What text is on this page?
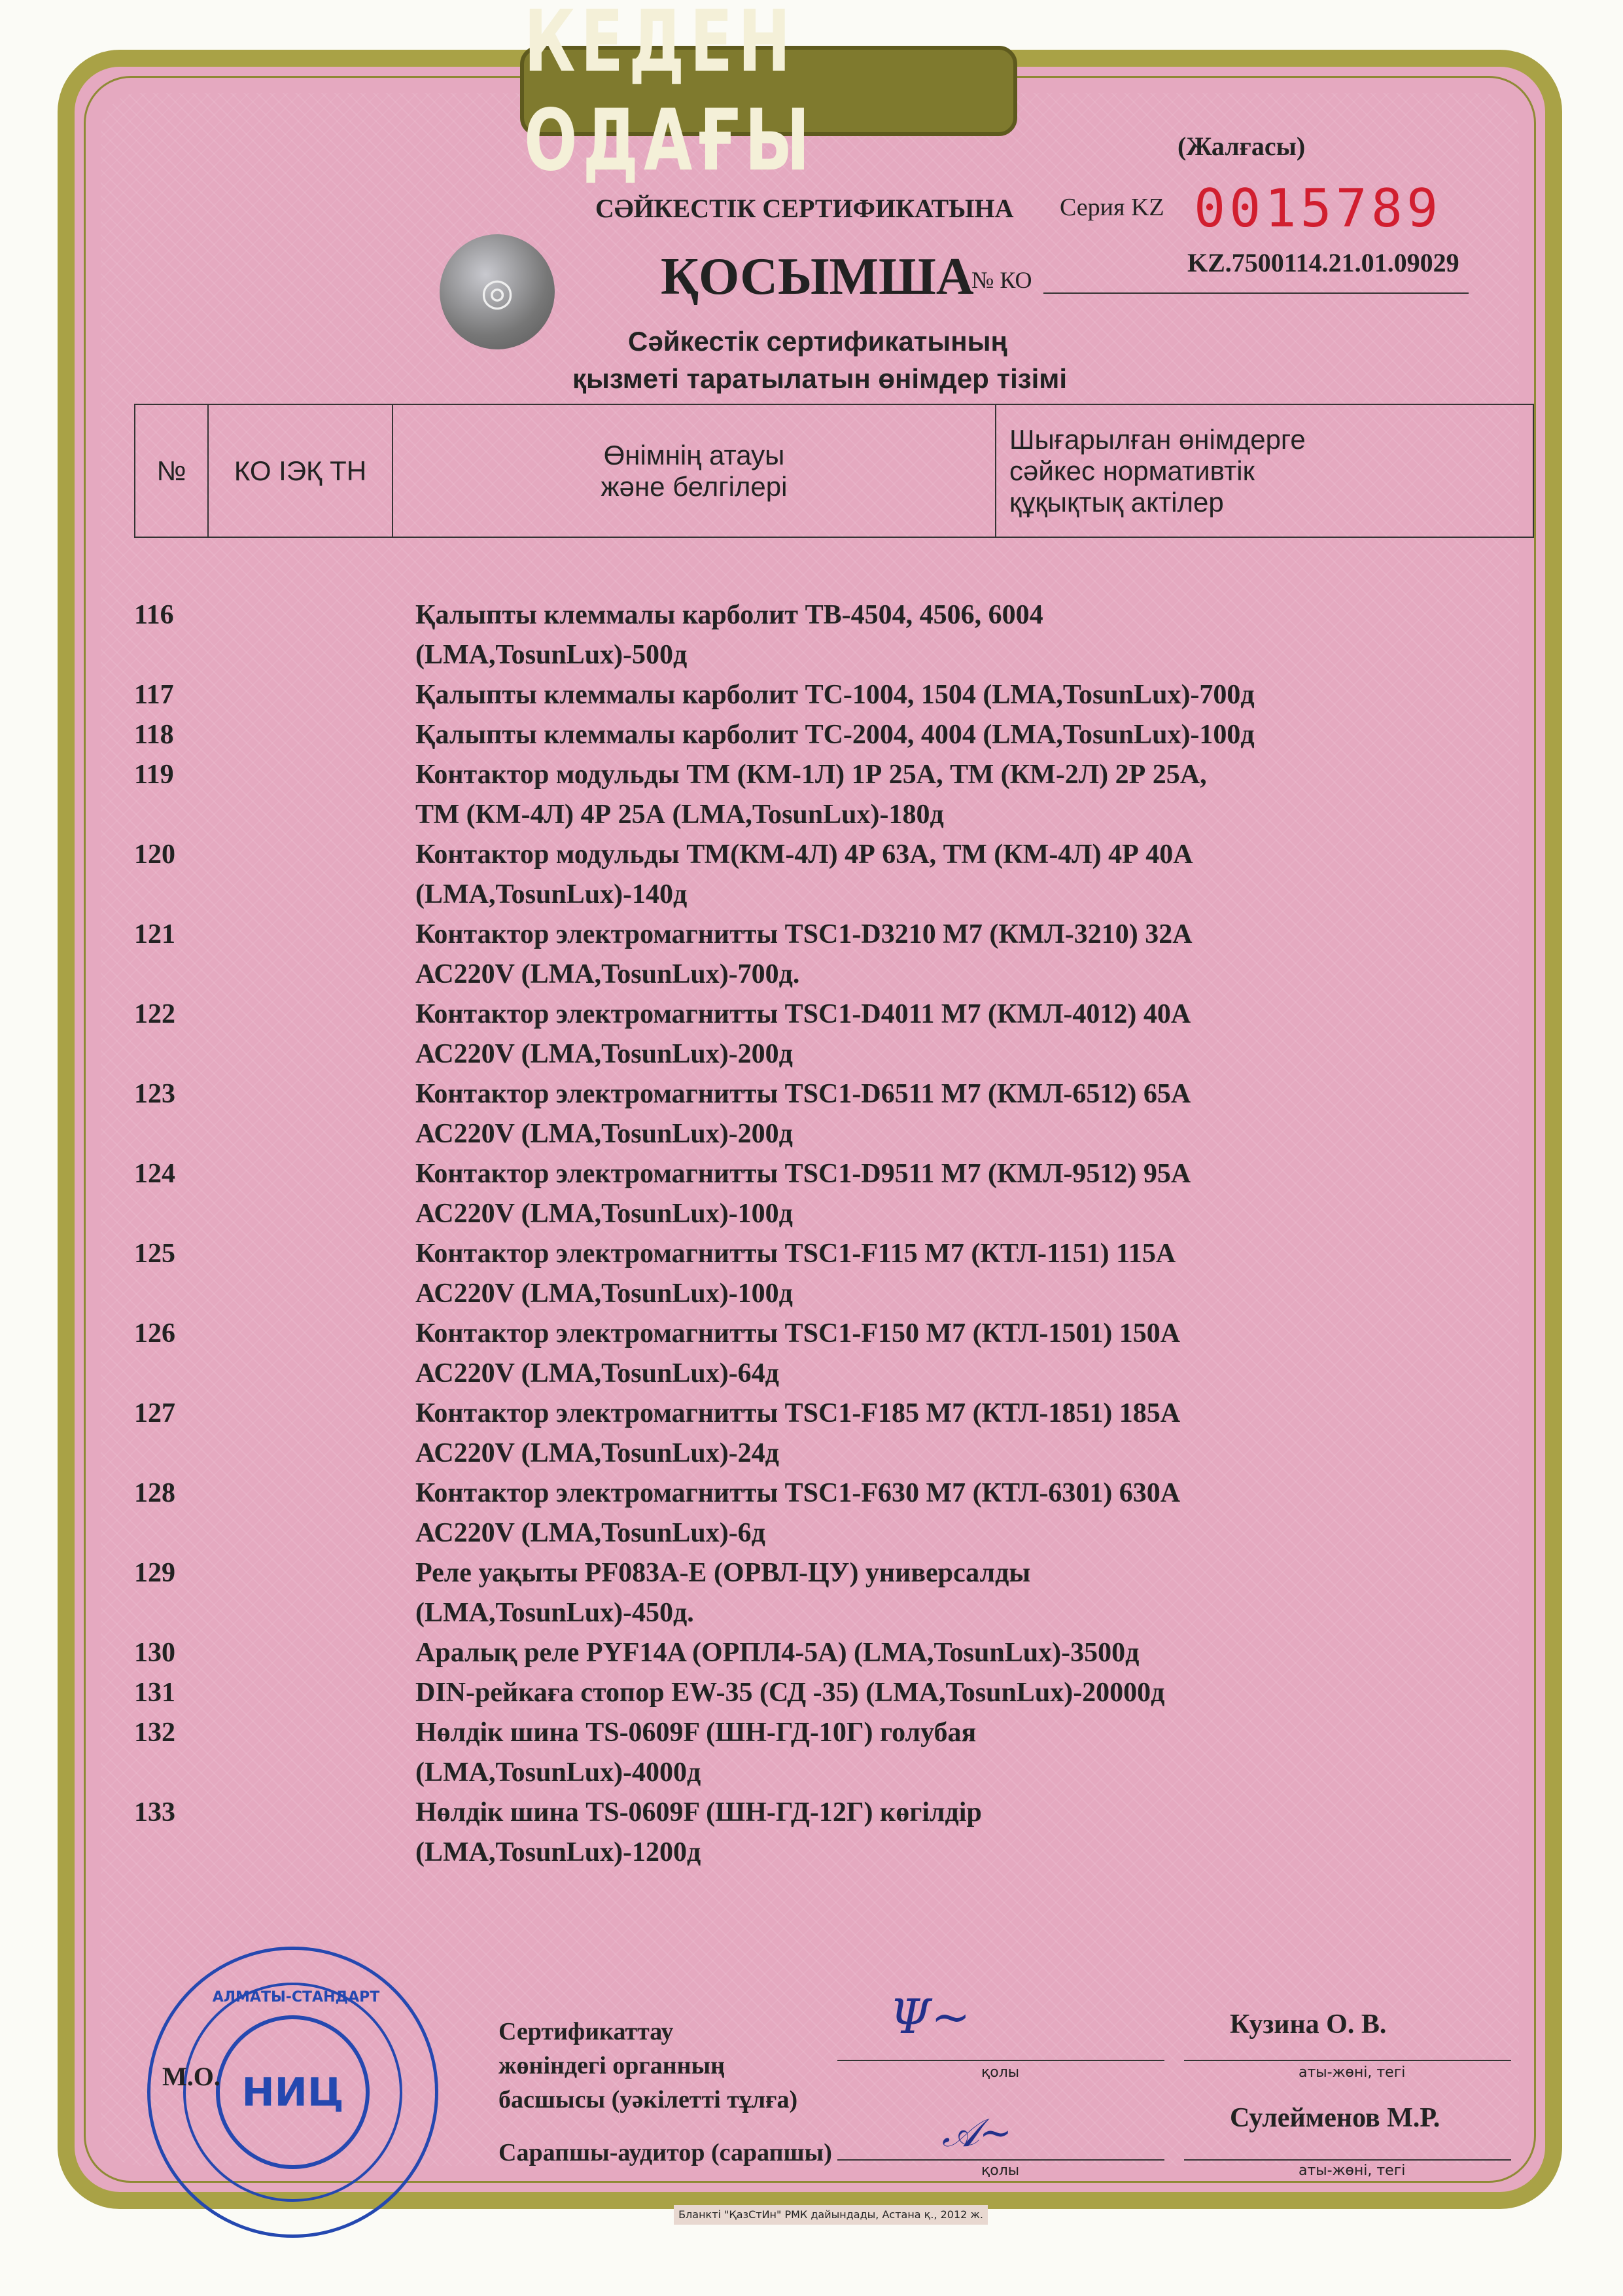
КЕДЕН ОДАҒЫ	(Жалғасы)
СӘЙКЕСТІК СЕРТИФИКАТЫНА Серия KZ 0015789
◎	ҚОСЫМША
№ КО
KZ.7500114.21.01.09029
Сәйкестік сертификатының
қызметі таратылатын өнімдер тізімі
№	КО ІЭҚ ТН	
Өнімнің атауы
және белгілері

Шығарылған өнімдерге
сәйкес нормативтік
құқықтық актілер
116	Қалыпты клеммалы карболит ТВ-4504, 4506, 6004
(LMA,TosunLux)-500д
117	Қалыпты клеммалы карболит ТС-1004, 1504 (LMA,TosunLux)-700д
118	Қалыпты клеммалы карболит ТС-2004, 4004 (LMA,TosunLux)-100д
119	Контактор модульды ТМ (КМ-1Л) 1Р 25А, ТМ (КМ-2Л) 2Р 25А,
ТМ (КМ-4Л) 4Р 25А (LMA,TosunLux)-180д
120	Контактор модульды ТМ(КМ-4Л) 4Р 63А, ТМ (КМ-4Л) 4Р 40А
(LMA,TosunLux)-140д
121	Контактор электромагнитты TSC1-D3210 M7 (КМЛ-3210) 32А
АС220V (LMA,TosunLux)-700д.
122	Контактор электромагнитты TSC1-D4011 M7 (КМЛ-4012) 40А
АС220V (LMA,TosunLux)-200д
123	Контактор электромагнитты TSC1-D6511 M7 (КМЛ-6512) 65А
АС220V (LMA,TosunLux)-200д
124	Контактор электромагнитты TSC1-D9511 M7 (КМЛ-9512) 95А
АС220V (LMA,TosunLux)-100д
125	Контактор электромагнитты TSC1-F115 M7 (КТЛ-1151) 115А
АС220V (LMA,TosunLux)-100д
126	Контактор электромагнитты TSC1-F150 M7 (КТЛ-1501) 150А
АС220V (LMA,TosunLux)-64д
127	Контактор электромагнитты TSC1-F185 M7 (КТЛ-1851) 185А
АС220V (LMA,TosunLux)-24д
128	Контактор электромагнитты TSC1-F630 M7 (КТЛ-6301) 630А
АС220V (LMA,TosunLux)-6д
129	Реле уақыты PF083A-E (ОРВЛ-ЦУ) универсалды
(LMA,TosunLux)-450д.
130	Аралық реле PYF14A (ОРПЛ4-5А) (LMA,TosunLux)-3500д
131	DIN-рейкаға стопор EW-35 (СД -35) (LMA,TosunLux)-20000д
132	Нөлдік шина TS-0609F (ШН-ГД-10Г) голубая
(LMA,TosunLux)-4000д
133	Нөлдік шина TS-0609F (ШН-ГД-12Г) көгілдір
(LMA,TosunLux)-1200д
НИЦ
АЛМАТЫ-СТАНДАРТ
М.О.
Сертификаттау
жөніндегі органның
басшысы (уәкілетті тұлға)
Ψ~
қолы
Кузина О. В.
аты-жөні, тегі
Сарапшы-аудитор (сарапшы)	𝒜~
қолы
Сулейменов М.Р.
аты-жөні, тегі
Бланкті "ҚазСтИн" РМК дайындады, Астана қ., 2012 ж.
